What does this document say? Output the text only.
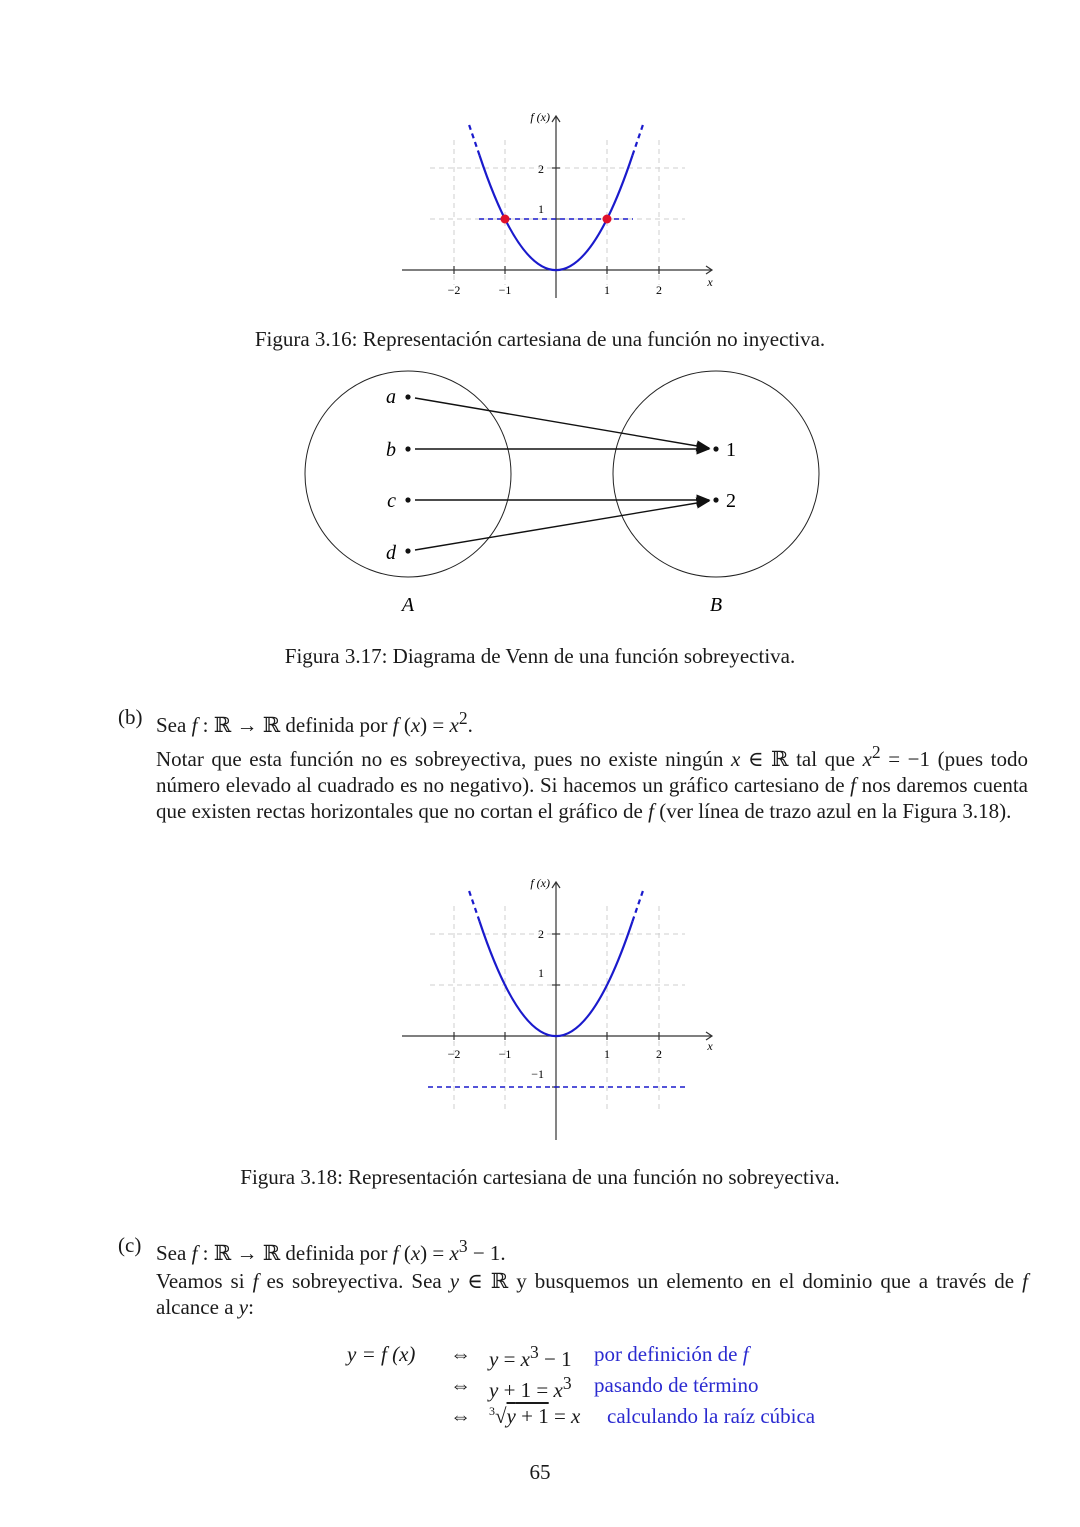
−2	−1	1	2
1
2
f (x)
x
Figura 3.16: Representación cartesiana de una función no inyectiva.
a
b
c
d
1
2
A	B
Figura 3.17: Diagrama de Venn de una función sobreyectiva.
(b) Sea f : ℝ → ℝ definida por f $(x) = x^2$.
Notar que esta función no es sobreyectiva, pues no existe ningún x ∈ ℝ tal que $x^2 = -1$ (pues todo número elevado al cuadrado es no negativo). Si hacemos un gráfico cartesiano de f nos daremos cuenta que existen rectas horizontales que no cortan el gráfico de f (ver línea de trazo azul en la Figura 3.18).
−2	−1	1	2
1
2
−1
f (x)
x
Figura 3.18: Representación cartesiana de una función no sobreyectiva.
(c) Sea f : ℝ → ℝ definida por f $(x) = x^3 - 1$.
Veamos si f es sobreyectiva. Sea y ∈ ℝ y busquemos un elemento en el dominio que a través de f alcance a y:
y = f (x) ⇔ $y = x^3 - 1$ por definición de f
⇔ $y + 1 = x^3$ pasando de término
⇔ $^3$√y + 1 = x calculando la raíz cúbica
65
